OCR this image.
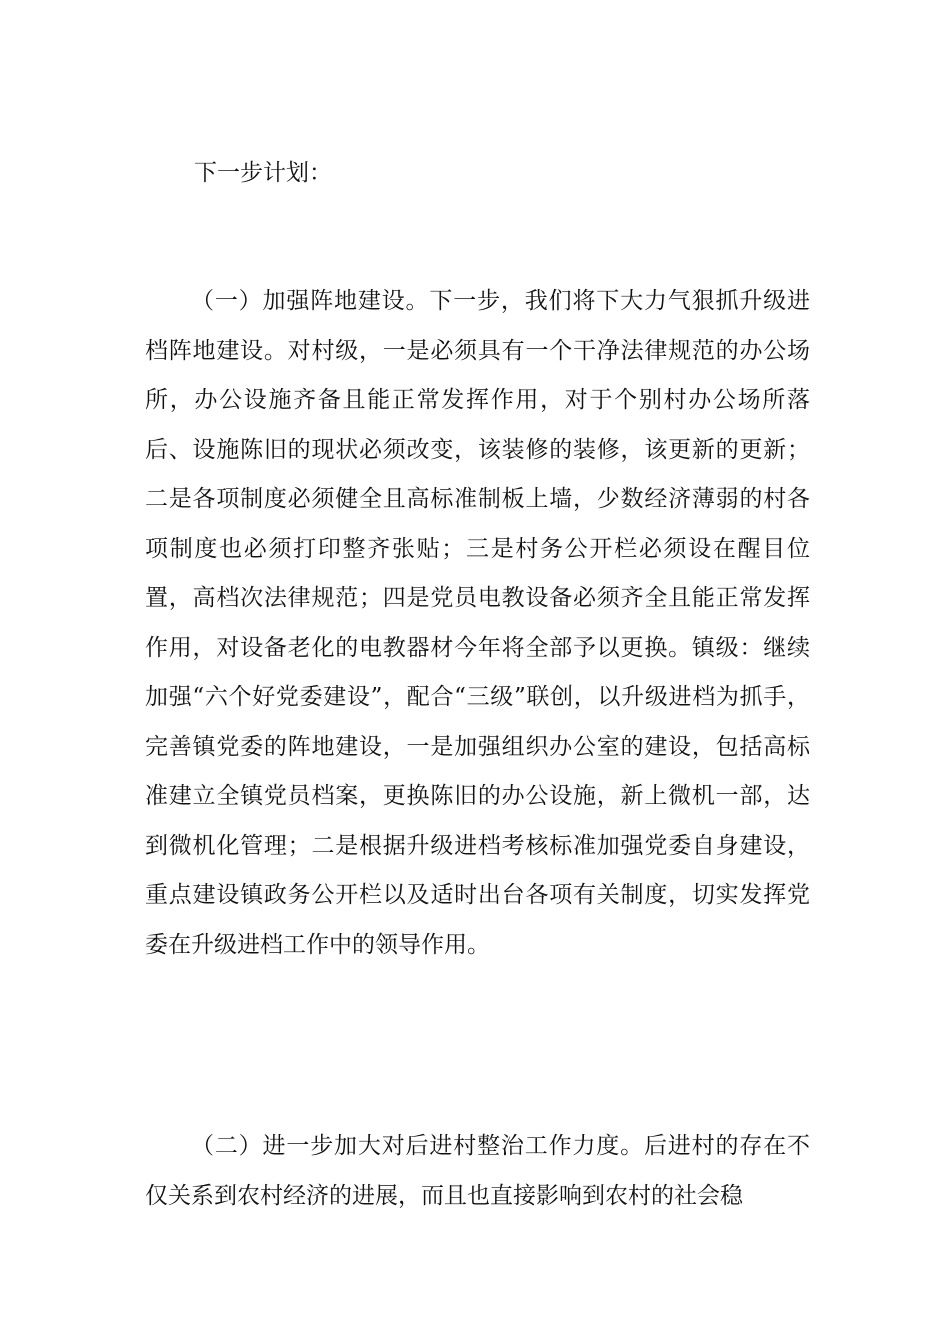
下一步计划：

（一）加强阵地建设。下一步，我们将下大力气狠抓升级进档阵地建设。对村级，一是必须具有一个干净法律规范的办公场所，办公设施齐备且能正常发挥作用，对于个别村办公场所落后、设施陈旧的现状必须改变，该装修的装修，该更新的更新；二是各项制度必须健全且高标准制板上墙，少数经济薄弱的村各项制度也必须打印整齐张贴；三是村务公开栏必须设在醒目位置，高档次法律规范；四是党员电教设备必须齐全且能正常发挥作用，对设备老化的电教器材今年将全部予以更换。镇级：继续加强“六个好党委建设”，配合“三级”联创，以升级进档为抓手，完善镇党委的阵地建设，一是加强组织办公室的建设，包括高标准建立全镇党员档案，更换陈旧的办公设施，新上微机一部，达到微机化管理；二是根据升级进档考核标准加强党委自身建设，重点建设镇政务公开栏以及适时出台各项有关制度，切实发挥党委在升级进档工作中的领导作用。

（二）进一步加大对后进村整治工作力度。后进村的存在不仅关系到农村经济的进展，而且也直接影响到农村的社会稳
